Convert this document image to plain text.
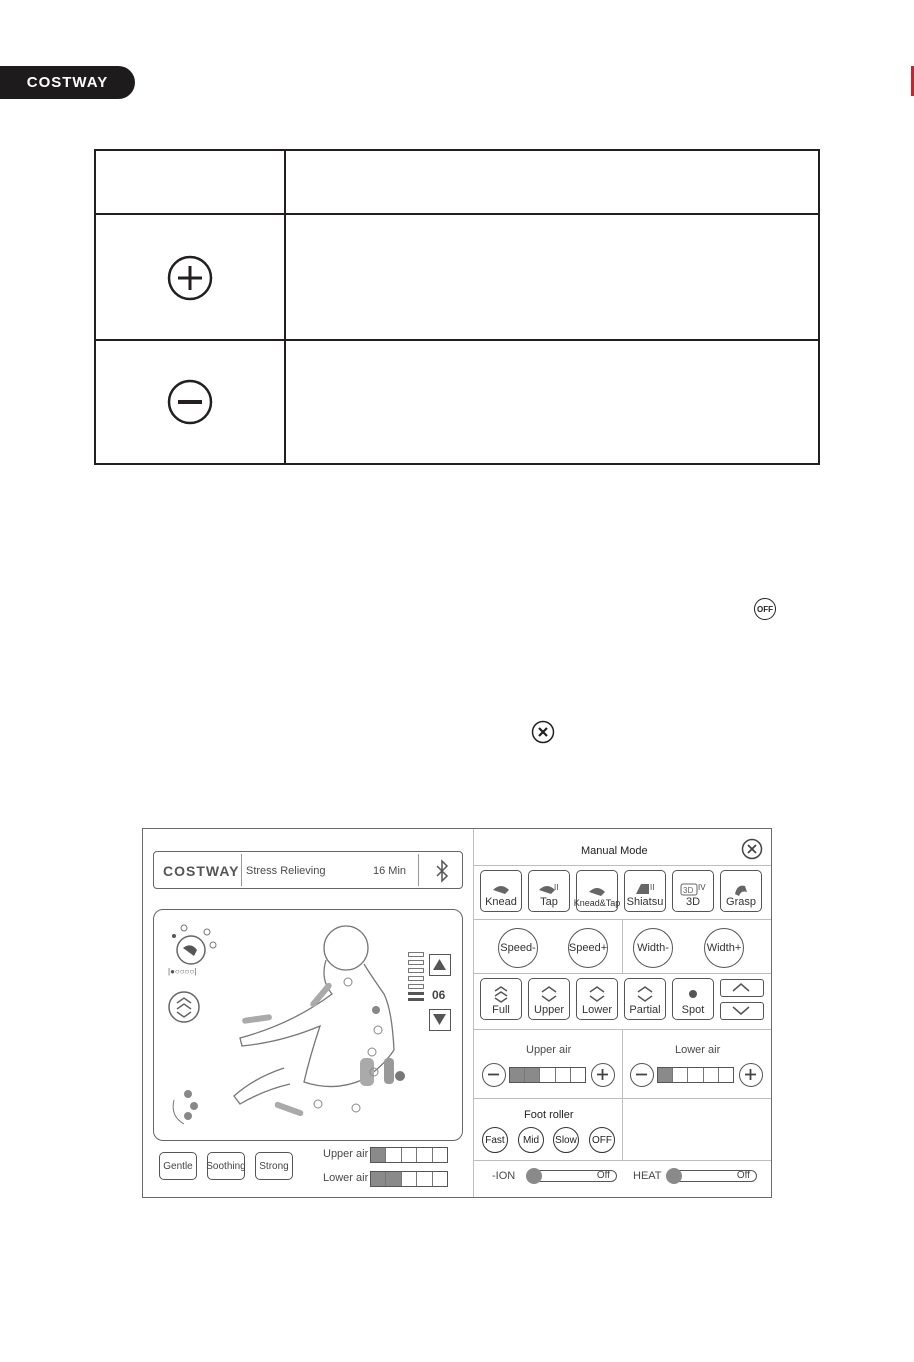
COSTWAY
OFF
COSTWAY Stress Relieving	16 Min
|●○○○○|
06
Gentle	Soothing	Strong
Upper air
Lower air
Manual Mode
Knead
II
Tap Knead&Tap
II
Shiatsu
3D IV
3D Grasp
Speed-	Speed+	Width-	Width+
Full Upper Lower Partial Spot
Upper air	Lower air
Foot roller
Fast	Mid	Slow	OFF
-ION	Off HEAT	Off
